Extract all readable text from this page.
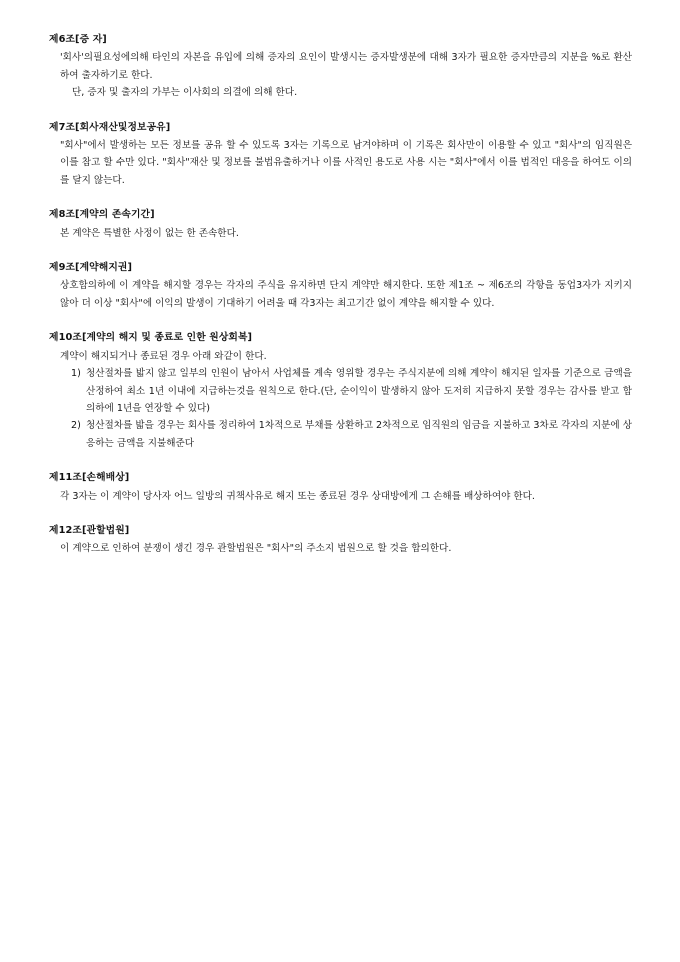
제6조[증 자]

'회사'의필요성에의해 타인의 자본을 유입에 의해 증자의 요인이 발생시는 증자발생분에 대해 3자가 필요한 증자만큼의 지분을 %로 환산하여 출자하기로 한다.

단, 증자 및 출자의 가부는 이사회의 의결에 의해 한다.

제7조[회사재산및정보공유]

"회사"에서 발생하는 모든 정보를 공유 할 수 있도록 3자는 기록으로 남겨야하며 이 기록은 회사만이 이용할 수 있고 "회사"의 임직원은 이를 참고 할 수만 있다. "회사"재산 및 정보를 불법유출하거나 이를 사적인 용도로 사용 시는 "회사"에서 이를 법적인 대응을 하여도 이의를 달지 않는다.

제8조[계약의 존속기간]

본 계약은 특별한 사정이 없는 한 존속한다.

제9조[계약해지권]

상호합의하에 이 계약을 해지할 경우는 각자의 주식을 유지하면 단지 계약만 해지한다. 또한 제1조 ~ 제6조의 각항을 동업3자가 지키지 않아 더 이상 "회사"에 이익의 발생이 기대하기 어려울 때 각3자는 최고기간 없이 계약을 해지할 수 있다.

제10조[계약의 해지 및 종료로 인한 원상회복]

계약이 해지되거나 종료된 경우 아래 와같이 한다.

1) 청산절차를 밟지 않고 일부의 인원이 남아서 사업체를 계속 영위할 경우는 주식지분에 의해 계약이 해지된 일자를 기준으로 금액을 산정하여 최소 1년 이내에 지급하는것을 원칙으로 한다.(단, 순이익이 발생하지 않아 도저히 지급하지 못할 경우는 감사를 받고 합의하에 1년을 연장할 수 있다)
2) 청산절차를 밟을 경우는 회사를 정리하여 1차적으로 부채를 상환하고 2차적으로 임직원의 임금을 지불하고 3차로 각자의 지분에 상응하는 금액을 지불해준다
제11조[손해배상]

각 3자는 이 계약이 당사자 어느 일방의 귀책사유로 해지 또는 종료된 경우 상대방에게 그 손해를 배상하여야 한다.

제12조[관할법원]

이 계약으로 인하여 분쟁이 생긴 경우 관할법원은 "회사"의 주소지 법원으로 할 것을 합의한다.
